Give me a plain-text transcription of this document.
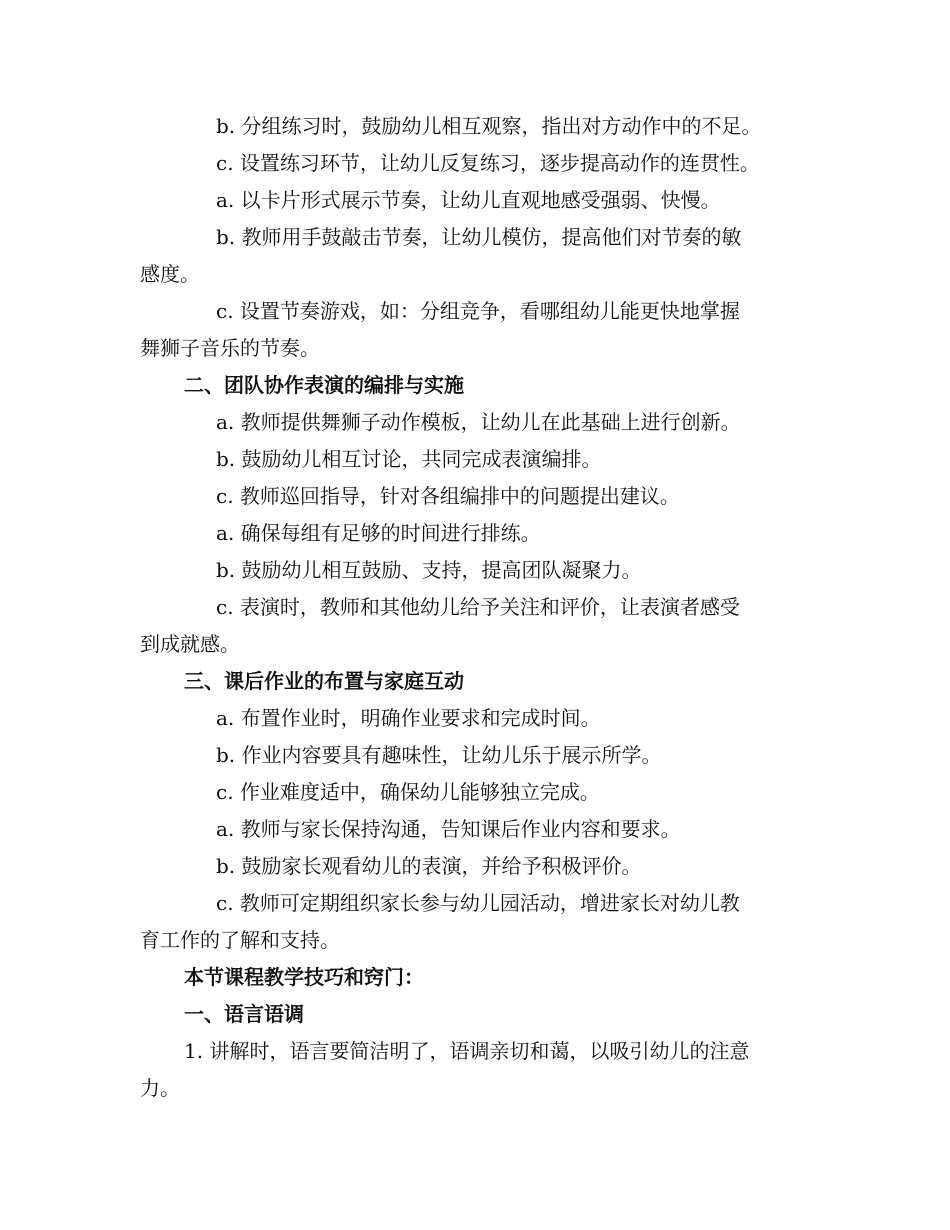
b. 分组练习时，鼓励幼儿相互观察，指出对方动作中的不足。
c. 设置练习环节，让幼儿反复练习，逐步提高动作的连贯性。
a. 以卡片形式展示节奏，让幼儿直观地感受强弱、快慢。
b. 教师用手鼓敲击节奏，让幼儿模仿，提高他们对节奏的敏
感度。
c. 设置节奏游戏，如：分组竞争，看哪组幼儿能更快地掌握
舞狮子音乐的节奏。
二、团队协作表演的编排与实施
a. 教师提供舞狮子动作模板，让幼儿在此基础上进行创新。
b. 鼓励幼儿相互讨论，共同完成表演编排。
c. 教师巡回指导，针对各组编排中的问题提出建议。
a. 确保每组有足够的时间进行排练。
b. 鼓励幼儿相互鼓励、支持，提高团队凝聚力。
c. 表演时，教师和其他幼儿给予关注和评价，让表演者感受
到成就感。
三、课后作业的布置与家庭互动
a. 布置作业时，明确作业要求和完成时间。
b. 作业内容要具有趣味性，让幼儿乐于展示所学。
c. 作业难度适中，确保幼儿能够独立完成。
a. 教师与家长保持沟通，告知课后作业内容和要求。
b. 鼓励家长观看幼儿的表演，并给予积极评价。
c. 教师可定期组织家长参与幼儿园活动，增进家长对幼儿教
育工作的了解和支持。
本节课程教学技巧和窍门：
一、语言语调
1. 讲解时，语言要简洁明了，语调亲切和蔼，以吸引幼儿的注意
力。
